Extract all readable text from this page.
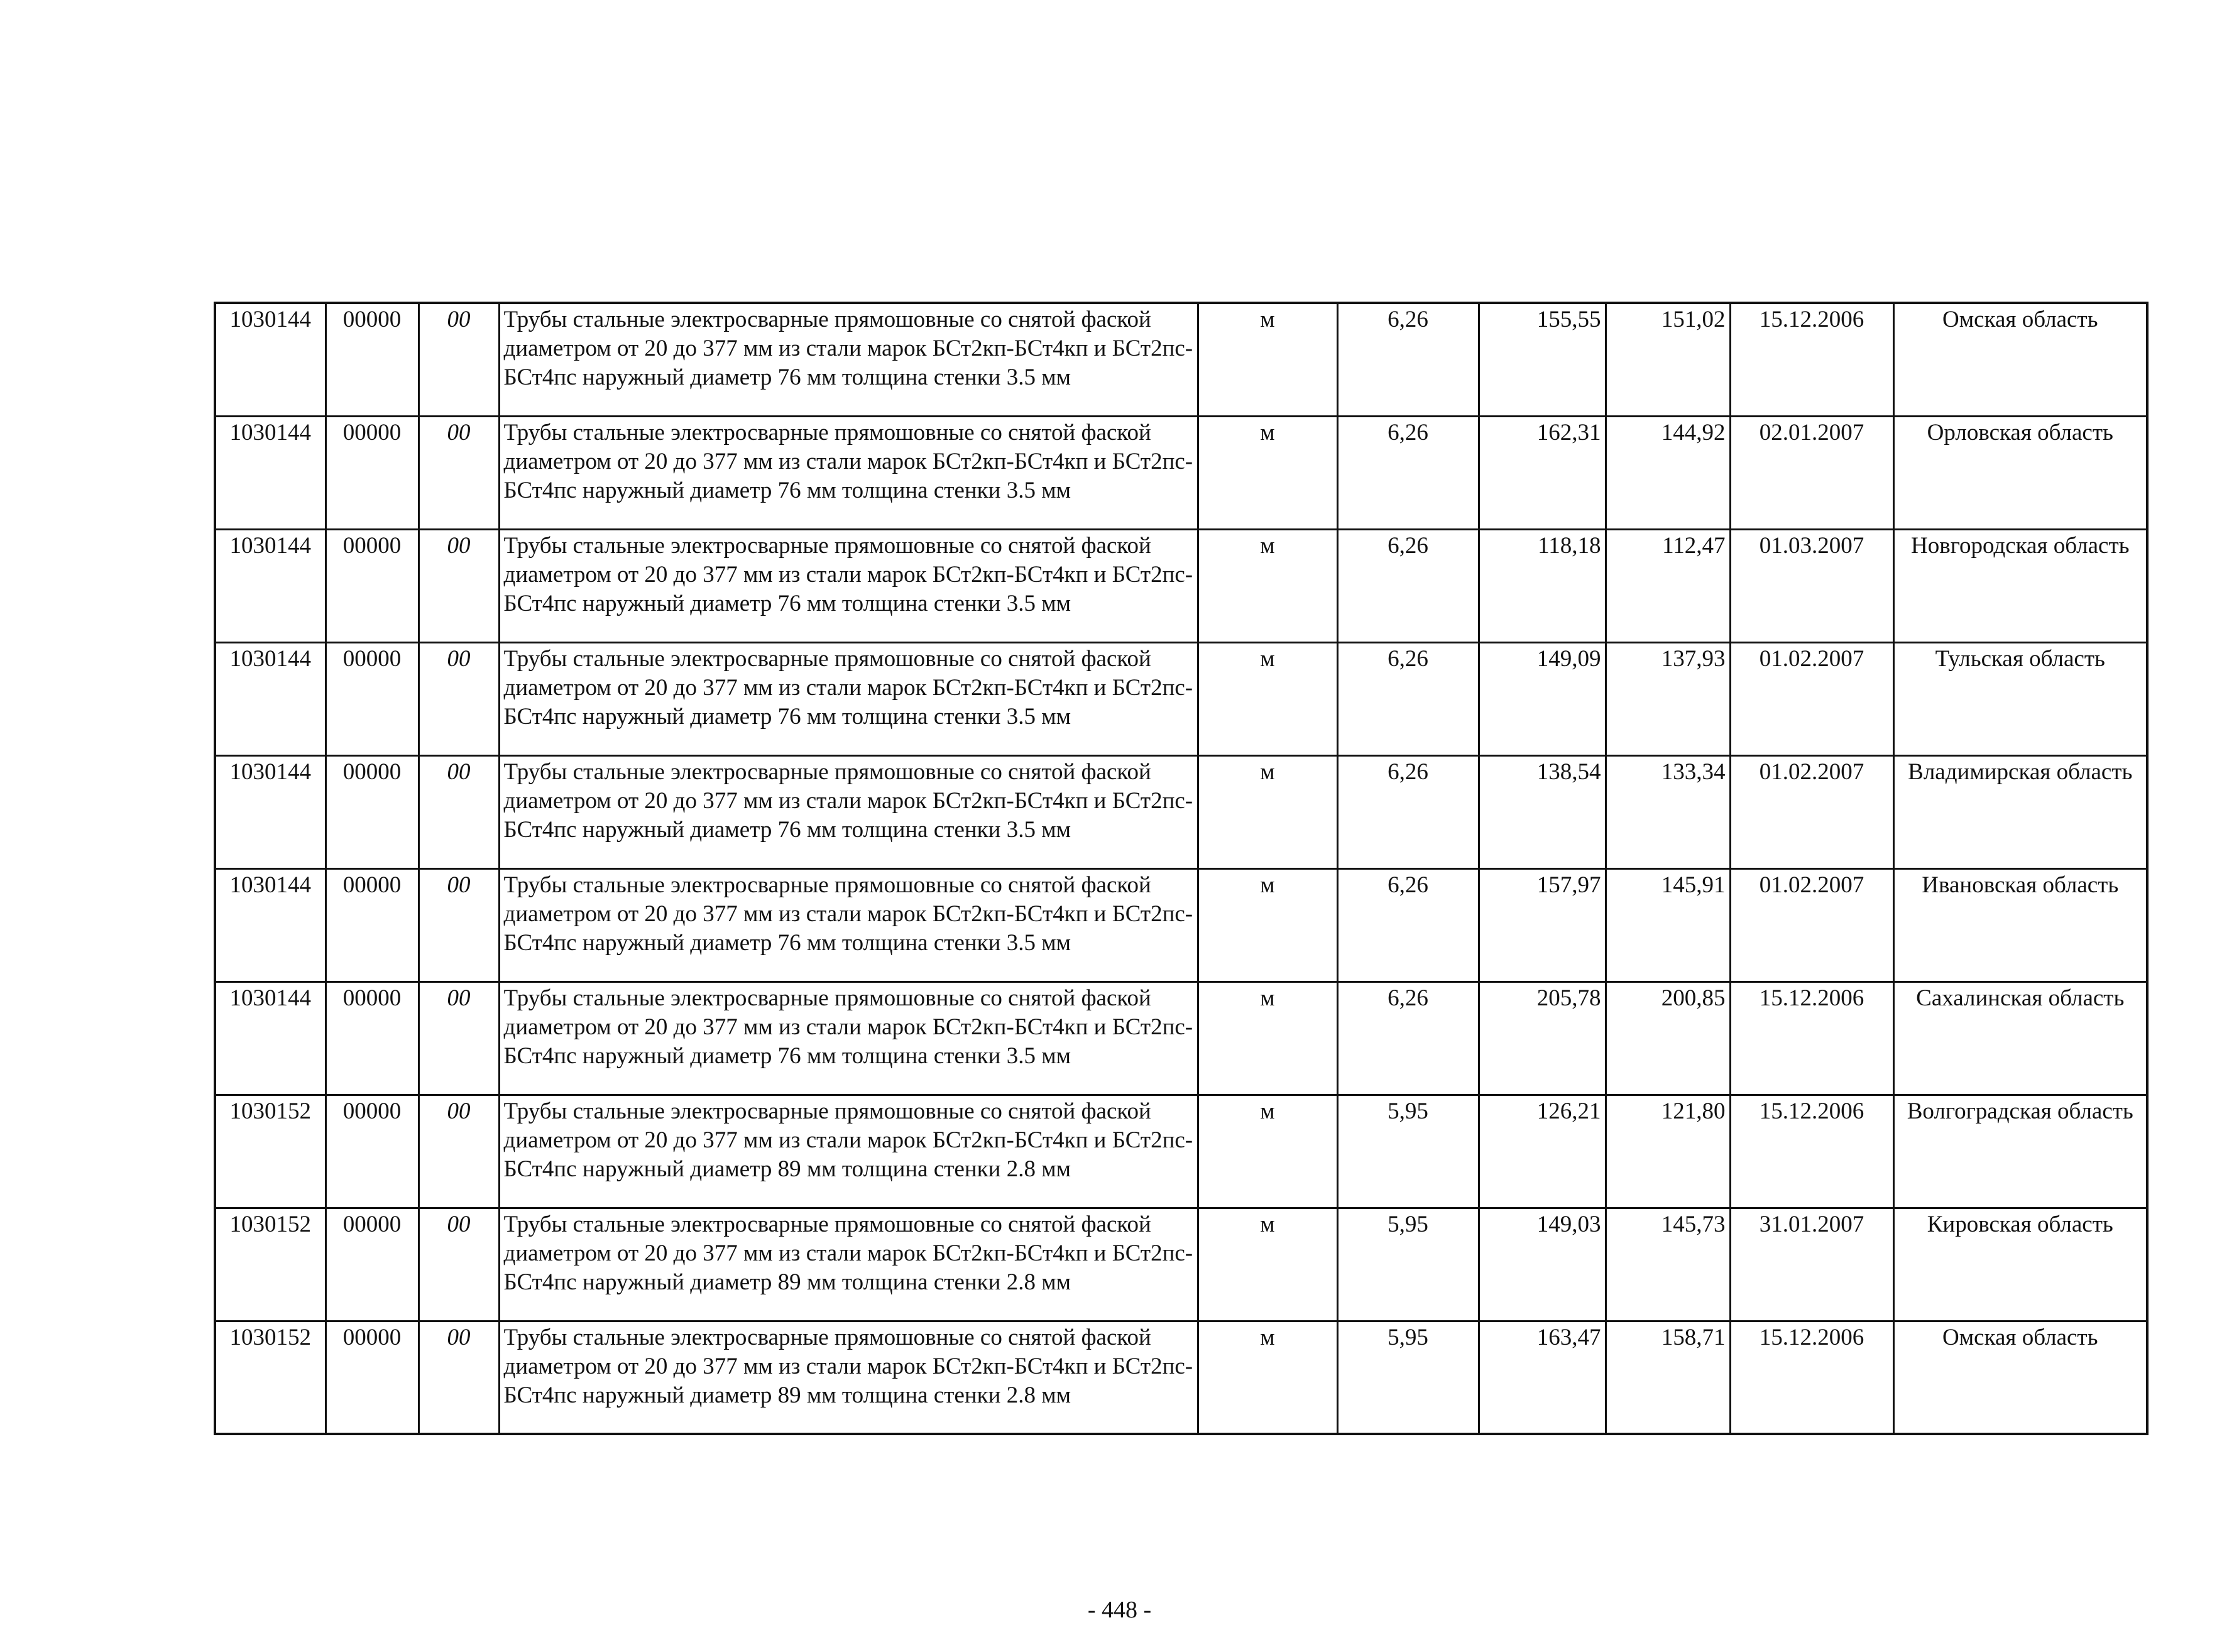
1030144	00000	00	Трубы стальные электросварные прямошовные со снятой фаской диаметром от 20 до 377 мм из стали марок БСт2кп-БСт4кп и БСт2пс-БСт4пс наружный диаметр 76 мм толщина стенки 3.5 мм	м	6,26	155,55	151,02	15.12.2006	Омская область
1030144	00000	00	Трубы стальные электросварные прямошовные со снятой фаской диаметром от 20 до 377 мм из стали марок БСт2кп-БСт4кп и БСт2пс-БСт4пс наружный диаметр 76 мм толщина стенки 3.5 мм	м	6,26	162,31	144,92	02.01.2007	Орловская область
1030144	00000	00	Трубы стальные электросварные прямошовные со снятой фаской диаметром от 20 до 377 мм из стали марок БСт2кп-БСт4кп и БСт2пс-БСт4пс наружный диаметр 76 мм толщина стенки 3.5 мм	м	6,26	118,18	112,47	01.03.2007	Новгородская область
1030144	00000	00	Трубы стальные электросварные прямошовные со снятой фаской диаметром от 20 до 377 мм из стали марок БСт2кп-БСт4кп и БСт2пс-БСт4пс наружный диаметр 76 мм толщина стенки 3.5 мм	м	6,26	149,09	137,93	01.02.2007	Тульская область
1030144	00000	00	Трубы стальные электросварные прямошовные со снятой фаской диаметром от 20 до 377 мм из стали марок БСт2кп-БСт4кп и БСт2пс-БСт4пс наружный диаметр 76 мм толщина стенки 3.5 мм	м	6,26	138,54	133,34	01.02.2007	Владимирская область
1030144	00000	00	Трубы стальные электросварные прямошовные со снятой фаской диаметром от 20 до 377 мм из стали марок БСт2кп-БСт4кп и БСт2пс-БСт4пс наружный диаметр 76 мм толщина стенки 3.5 мм	м	6,26	157,97	145,91	01.02.2007	Ивановская область
1030144	00000	00	Трубы стальные электросварные прямошовные со снятой фаской диаметром от 20 до 377 мм из стали марок БСт2кп-БСт4кп и БСт2пс-БСт4пс наружный диаметр 76 мм толщина стенки 3.5 мм	м	6,26	205,78	200,85	15.12.2006	Сахалинская область
1030152	00000	00	Трубы стальные электросварные прямошовные со снятой фаской диаметром от 20 до 377 мм из стали марок БСт2кп-БСт4кп и БСт2пс-БСт4пс наружный диаметр 89 мм толщина стенки 2.8 мм	м	5,95	126,21	121,80	15.12.2006	Волгоградская область
1030152	00000	00	Трубы стальные электросварные прямошовные со снятой фаской диаметром от 20 до 377 мм из стали марок БСт2кп-БСт4кп и БСт2пс-БСт4пс наружный диаметр 89 мм толщина стенки 2.8 мм	м	5,95	149,03	145,73	31.01.2007	Кировская область
1030152	00000	00	Трубы стальные электросварные прямошовные со снятой фаской диаметром от 20 до 377 мм из стали марок БСт2кп-БСт4кп и БСт2пс-БСт4пс наружный диаметр 89 мм толщина стенки 2.8 мм	м	5,95	163,47	158,71	15.12.2006	Омская область
- 448 -
